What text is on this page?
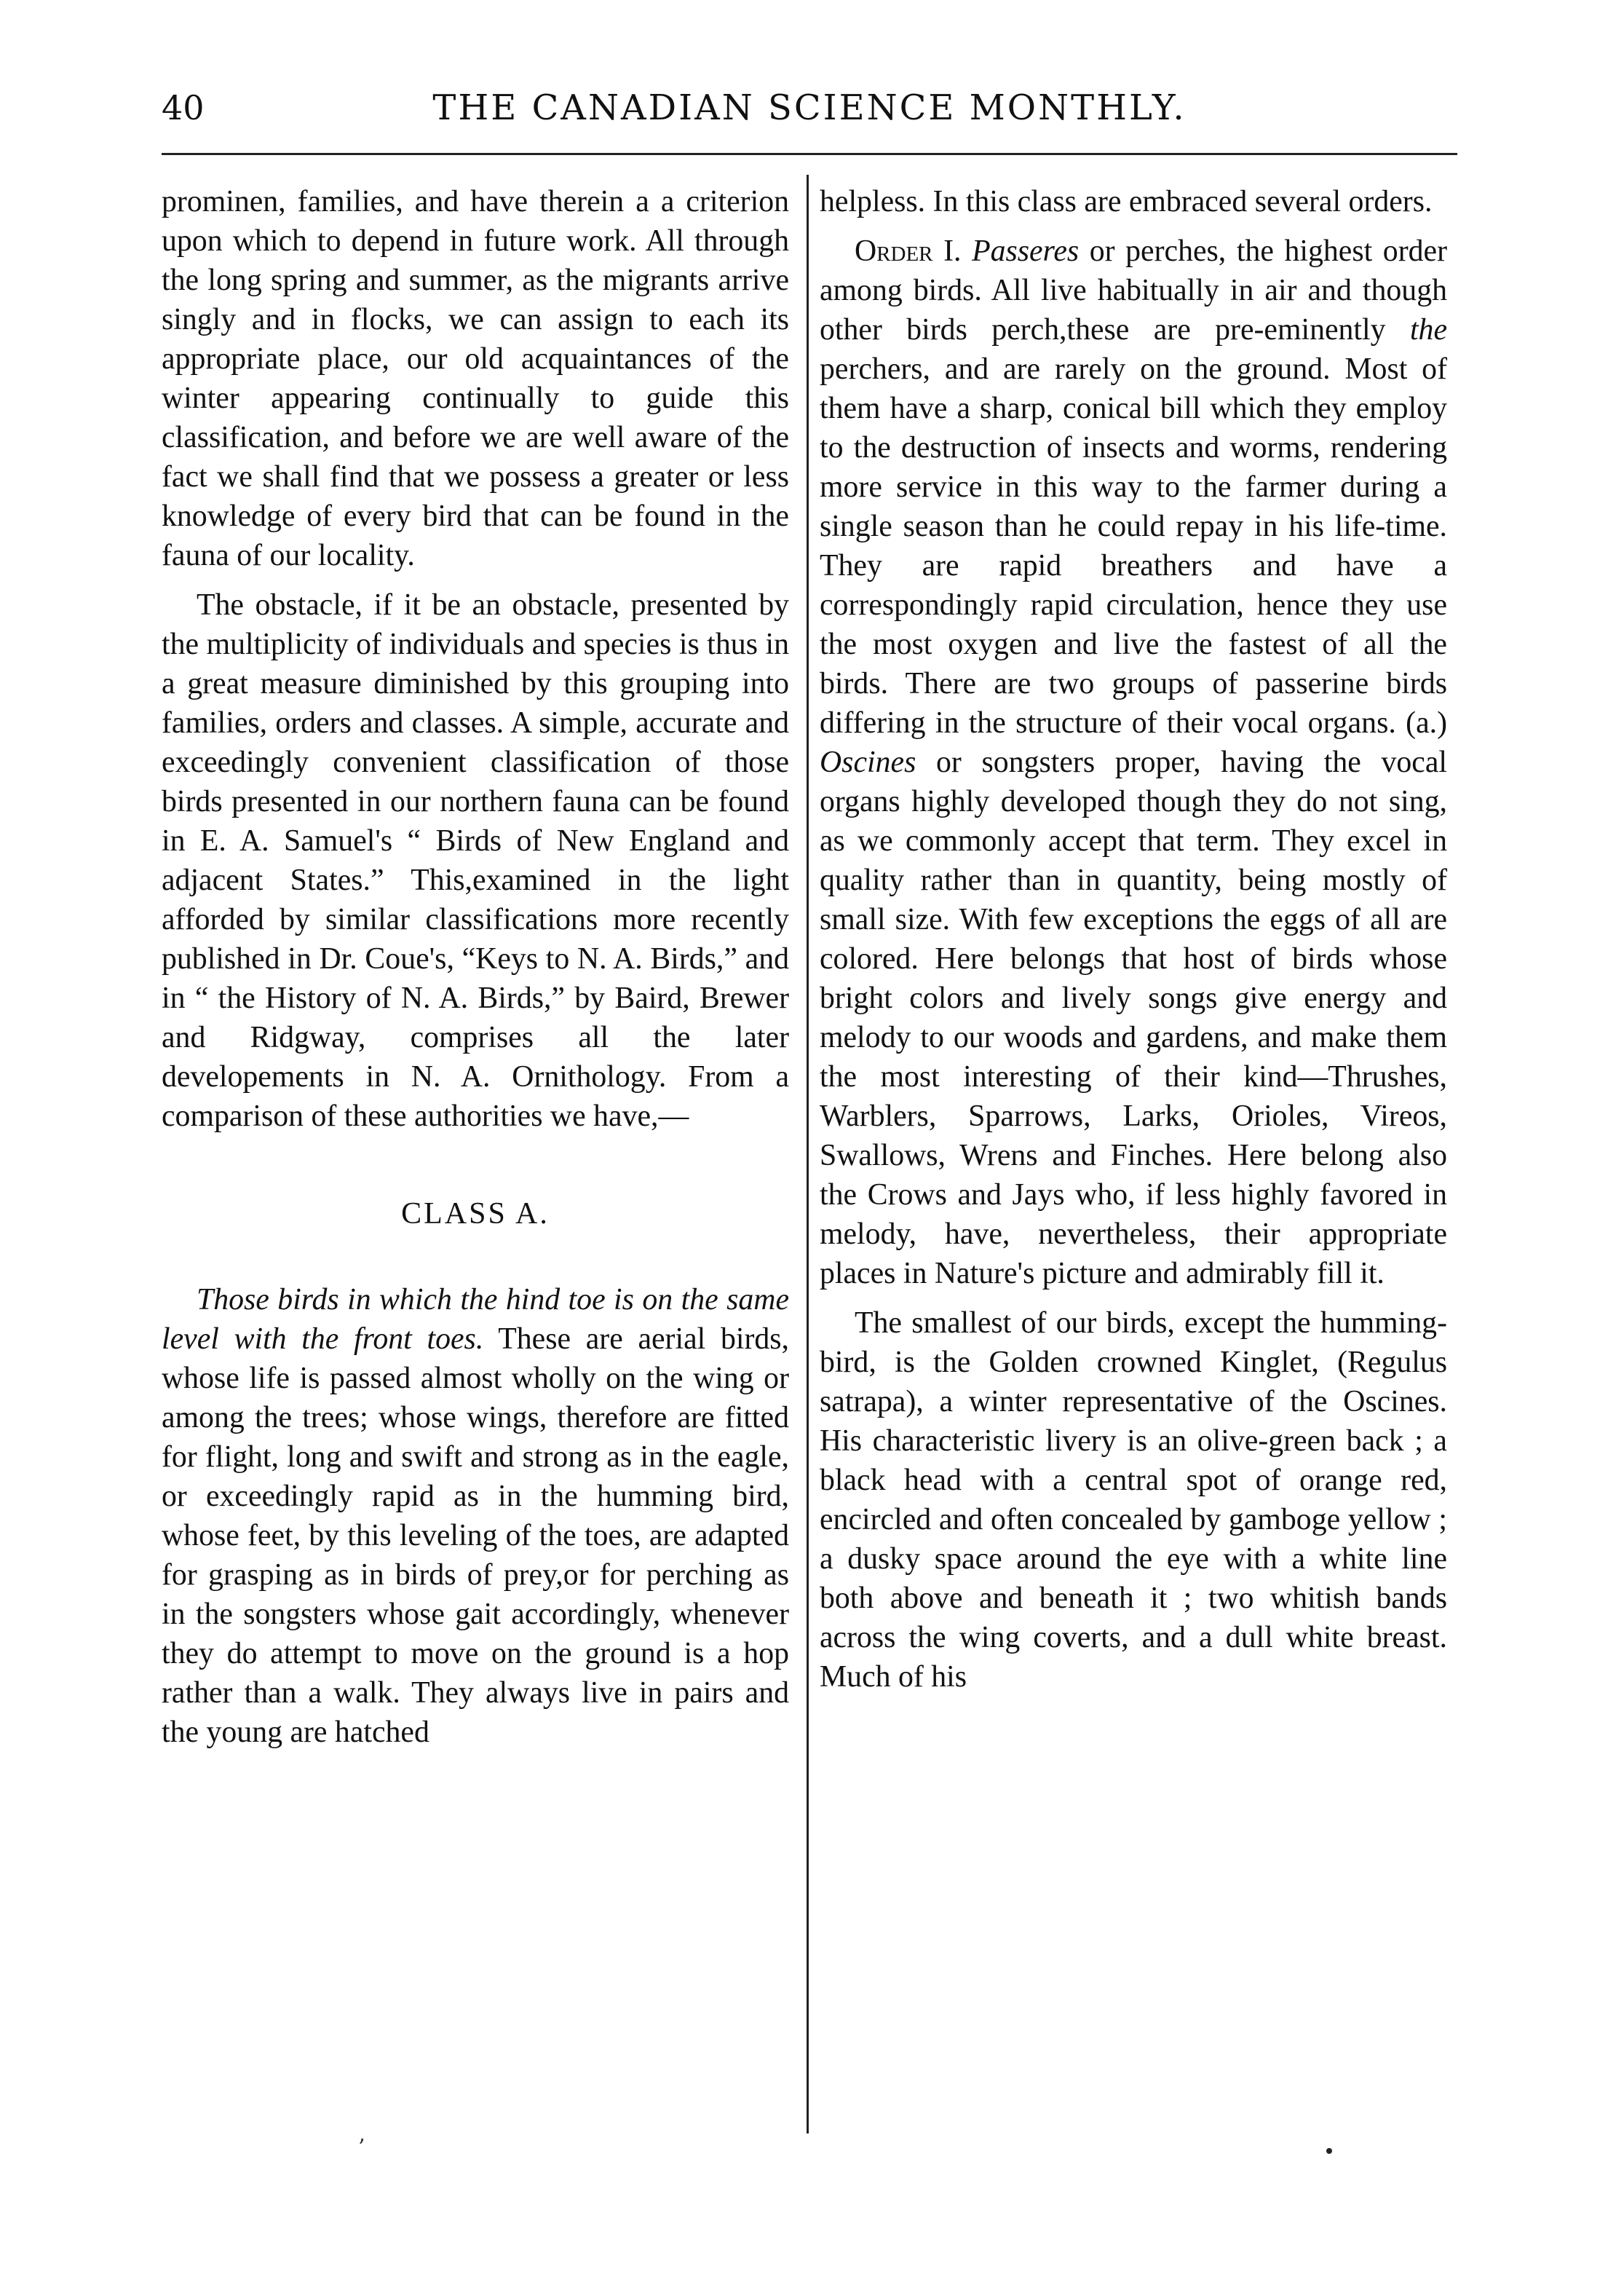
40	THE CANADIAN SCIENCE MONTHLY.

prominen, families, and have therein a a criterion upon which to depend in future work. All through the long spring and summer, as the migrants arrive singly and in flocks, we can assign to each its appropriate place, our old acquaintances of the winter appearing continually to guide this classification, and before we are well aware of the fact we shall find that we possess a greater or less knowledge of every bird that can be found in the fauna of our locality.

The obstacle, if it be an obstacle, presented by the multiplicity of individuals and species is thus in a great measure diminished by this grouping into families, orders and classes. A simple, accurate and exceedingly convenient classification of those birds presented in our northern fauna can be found in E. A. Samuel's “ Birds of New England and adjacent States.” This,examined in the light afforded by similar classifications more recently published in Dr. Coue's, “Keys to N. A. Birds,” and in “ the History of N. A. Birds,” by Baird, Brewer and Ridgway, comprises all the later developements in N. A. Ornithology. From a comparison of these authorities we have,—

CLASS A.

Those birds in which the hind toe is on the same level with the front toes. These are aerial birds, whose life is passed almost wholly on the wing or among the trees; whose wings, therefore are fitted for flight, long and swift and strong as in the eagle, or exceedingly rapid as in the humming bird, whose feet, by this leveling of the toes, are adapted for grasping as in birds of prey,or for perching as in the songsters whose gait accordingly, whenever they do attempt to move on the ground is a hop rather than a walk. They always live in pairs and the young are hatched

helpless. In this class are embraced several orders.

Order I. Passeres or perches, the highest order among birds. All live habitually in air and though other birds perch,these are pre-eminently the perchers, and are rarely on the ground. Most of them have a sharp, conical bill which they employ to the destruction of insects and worms, rendering more service in this way to the farmer during a single season than he could repay in his life-time. They are rapid breathers and have a correspondingly rapid circulation, hence they use the most oxygen and live the fastest of all the birds. There are two groups of passerine birds differing in the structure of their vocal organs. (a.) Oscines or songsters proper, having the vocal organs highly developed though they do not sing, as we commonly accept that term. They excel in quality rather than in quantity, being mostly of small size. With few exceptions the eggs of all are colored. Here belongs that host of birds whose bright colors and lively songs give energy and melody to our woods and gardens, and make them the most interesting of their kind—Thrushes, Warblers, Sparrows, Larks, Orioles, Vireos, Swallows, Wrens and Finches. Here belong also the Crows and Jays who, if less highly favored in melody, have, nevertheless, their appropriate places in Nature's picture and admirably fill it.

The smallest of our birds, except the humming-bird, is the Golden crowned Kinglet, (Regulus satrapa), a winter representative of the Oscines. His characteristic livery is an olive-green back ; a black head with a central spot of orange red, encircled and often concealed by gamboge yellow ; a dusky space around the eye with a white line both above and beneath it ; two whitish bands across the wing coverts, and a dull white breast. Much of his

’
